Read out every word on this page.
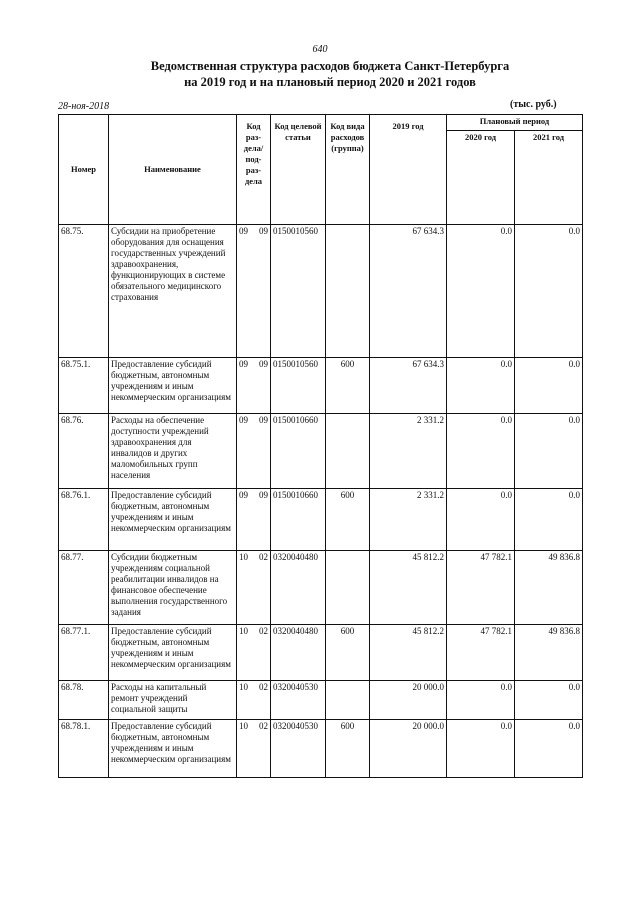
640
Ведомственная структура расходов бюджета Санкт-Петербурга
на 2019 год и на плановый период 2020 и 2021 годов
28-ноя-2018	(тыс. руб.)
Номер	Наименование	Код раз-дела/ под-раз-дела	Код целевой статьи	Код вида расходов (группа)	2019 год	Плановый период	
						2020 год	2021 год
68.75.	Субсидии на приобретение оборудования для оснащения государственных учреждений здравоохранения, функционирующих в системе обязательного медицинского страхования	09 09	0150010560		67 634.3	0.0	0.0
68.75.1.	Предоставление субсидий бюджетным, автономным учреждениям и иным некоммерческим организациям	09 09	0150010560	600	67 634.3	0.0	0.0
68.76.	Расходы на обеспечение доступности учреждений здравоохранения для инвалидов и других маломобильных групп населения	09 09	0150010660		2 331.2	0.0	0.0
68.76.1.	Предоставление субсидий бюджетным, автономным учреждениям и иным некоммерческим организациям	09 09	0150010660	600	2 331.2	0.0	0.0
68.77.	Субсидии бюджетным учреждениям социальной реабилитации инвалидов на финансовое обеспечение выполнения государственного задания	10 02	0320040480		45 812.2	47 782.1	49 836.8
68.77.1.	Предоставление субсидий бюджетным, автономным учреждениям и иным некоммерческим организациям	10 02	0320040480	600	45 812.2	47 782.1	49 836.8
68.78.	Расходы на капитальный ремонт учреждений социальной защиты	10 02	0320040530		20 000.0	0.0	0.0
68.78.1.	Предоставление субсидий бюджетным, автономным учреждениям и иным некоммерческим организациям	10 02	0320040530	600	20 000.0	0.0	0.0
